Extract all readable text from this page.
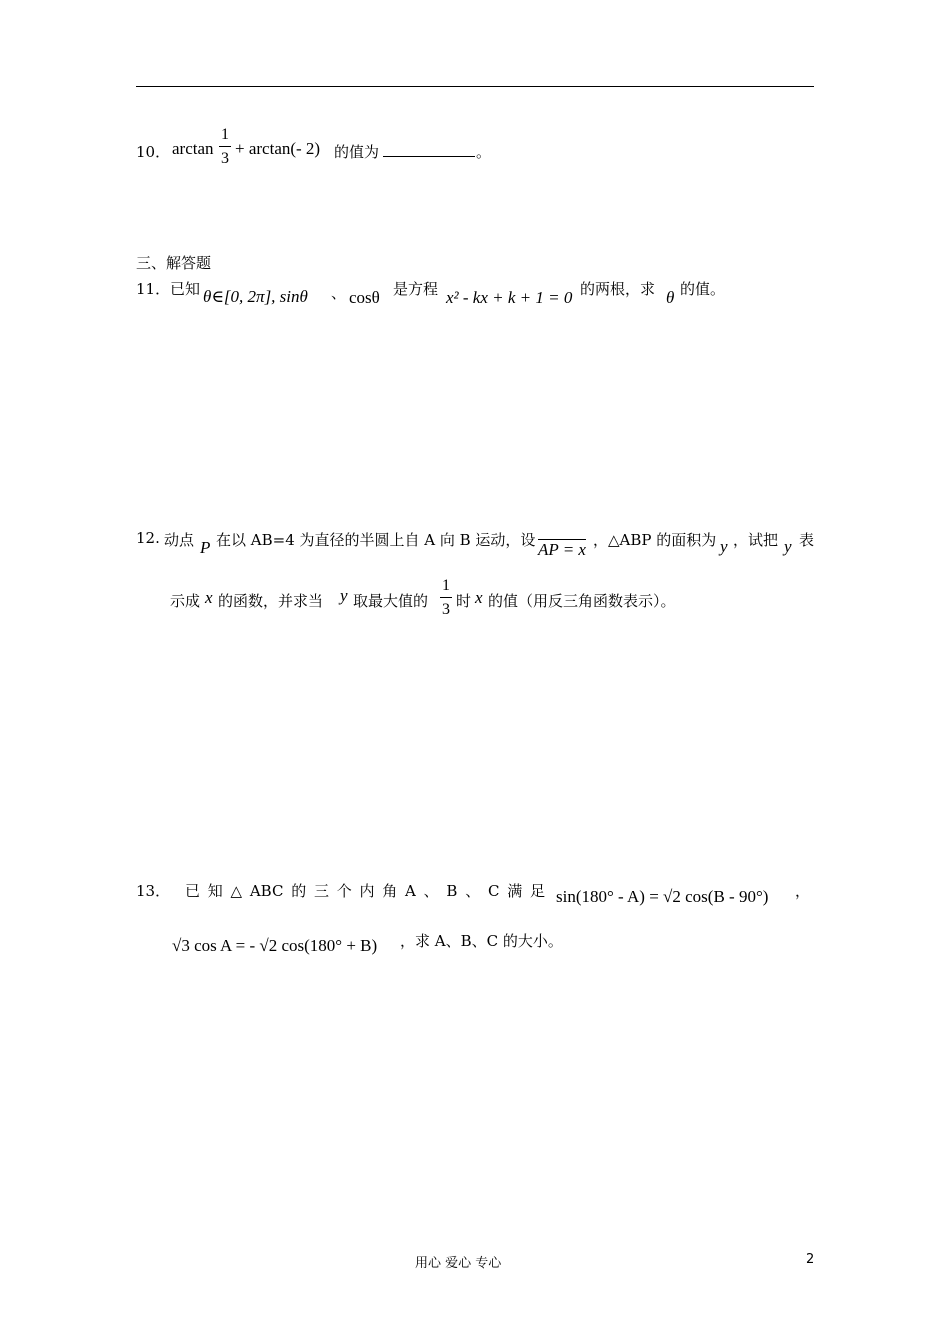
10． arctan
1
3
+ arctan(- 2) 的值为	。
三、解答题
11． 已知 θ∈[0, 2π], sinθ 、 cosθ 是方程 x² - kx + k + 1 = 0 的两根，求 θ 的值。
12. 动点 P 在以 AB=4 为直径的半圆上自 A 向 B 运动，设 AP = x ，△ABP 的面积为 y ，试把 y 表
示成 x 的函数，并求当 y 取最大值的
1
3 时 x 的值（用反三角函数表示）。
13． 已 知 △ ABC 的 三 个 内 角 A 、 B 、 C 满 足 sin(180° - A) = √2 cos(B - 90°) ，
√3 cos A = - √2 cos(180° + B) ，求 A、B、C 的大小。
用心 爱心 专心	2
